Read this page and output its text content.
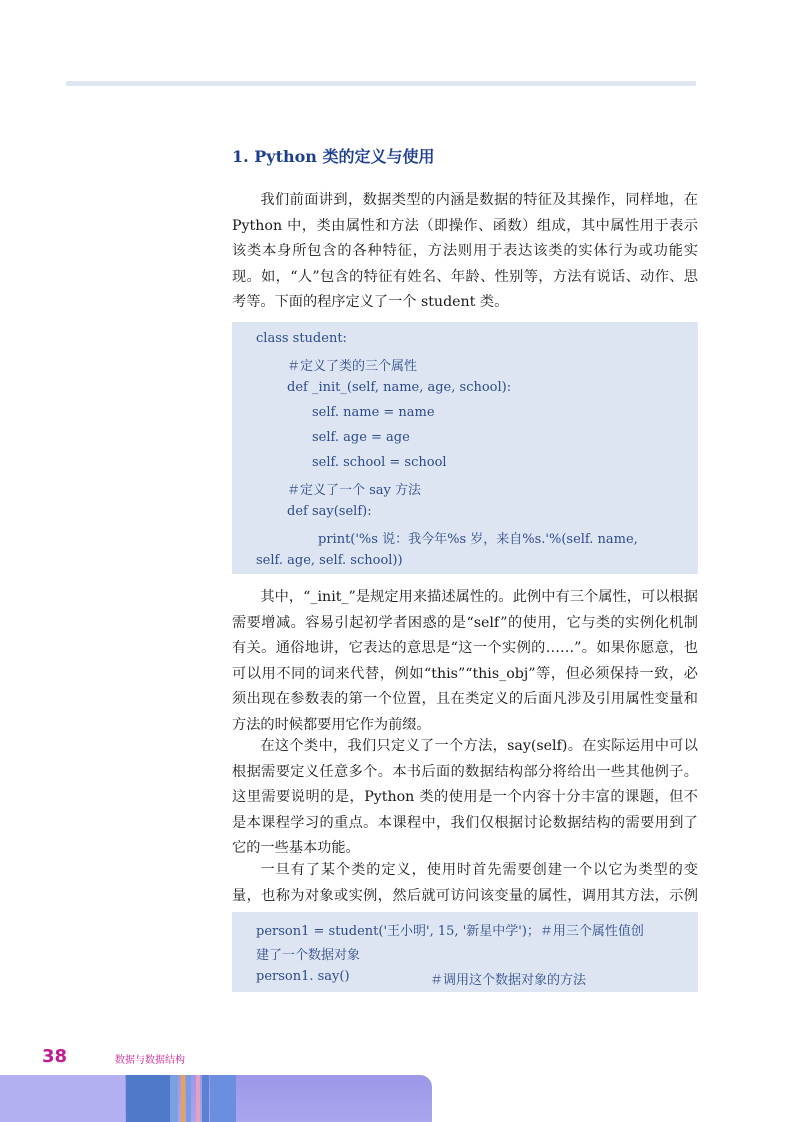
1. Python 类的定义与使用

我们前面讲到，数据类型的内涵是数据的特征及其操作，同样地，在 Python 中，类由属性和方法（即操作、函数）组成，其中属性用于表示该类本身所包含的各种特征，方法则用于表达该类的实体行为或功能实现。如，“人”包含的特征有姓名、年龄、性别等，方法有说话、动作、思考等。下面的程序定义了一个 student 类。

class student:
＃定义了类的三个属性
def _init_(self, name, age, school):
self. name = name
self. age = age
self. school = school
＃定义了一个 say 方法
def say(self):
print('%s 说：我今年%s 岁，来自%s.'%(self. name,
self. age, self. school))

其中，“_init_”是规定用来描述属性的。此例中有三个属性，可以根据需要增减。容易引起初学者困惑的是“self”的使用，它与类的实例化机制有关。通俗地讲，它表达的意思是“这一个实例的……”。如果你愿意，也可以用不同的词来代替，例如“this”“this_obj”等，但必须保持一致，必须出现在参数表的第一个位置，且在类定义的后面凡涉及引用属性变量和方法的时候都要用它作为前缀。

在这个类中，我们只定义了一个方法，say(self)。在实际运用中可以根据需要定义任意多个。本书后面的数据结构部分将给出一些其他例子。这里需要说明的是，Python 类的使用是一个内容十分丰富的课题，但不是本课程学习的重点。本课程中，我们仅根据讨论数据结构的需要用到了它的一些基本功能。

一旦有了某个类的定义，使用时首先需要创建一个以它为类型的变量，也称为对象或实例，然后就可访问该变量的属性，调用其方法，示例

person1 = student('王小明', 15, '新星中学')；＃用三个属性值创
建了一个数据对象
person1. say()	＃调用这个数据对象的方法
38	数据与数据结构
